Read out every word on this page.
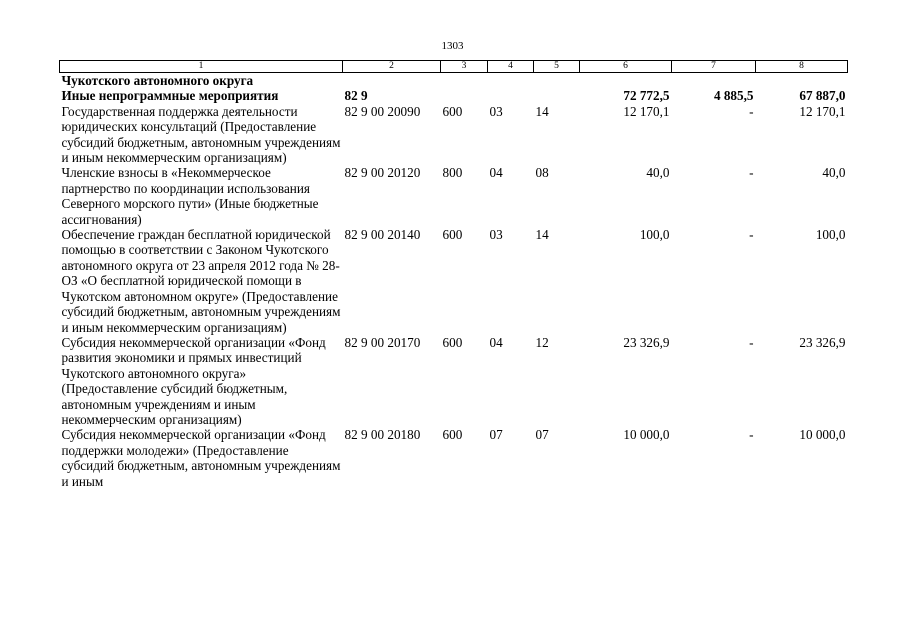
1303
1	2	3	4	5	6	7	8
Чукотского автономного округа							
Иные непрограммные мероприятия	82 9				72 772,5	4 885,5	67 887,0
Государственная поддержка деятельности юридических консультаций (Предоставление субсидий бюджетным, автономным учреждениям и иным некоммерческим организациям)	82 9 00 20090	600	03	14	12 170,1	-	12 170,1
Членские взносы в «Некоммерческое партнерство по координации использования Северного морского пути» (Иные бюджетные ассигнования)	82 9 00 20120	800	04	08	40,0	-	40,0
Обеспечение граждан бесплатной юридической помощью в соответствии с Законом Чукотского автономного округа от 23 апреля 2012 года № 28-ОЗ «О бесплатной юридической помощи в Чукотском автономном округе» (Предоставление субсидий бюджетным, автономным учреждениям и иным некоммерческим организациям)	82 9 00 20140	600	03	14	100,0	-	100,0
Субсидия некоммерческой организации «Фонд развития экономики и прямых инвестиций Чукотского автономного округа» (Предоставление субсидий бюджетным, автономным учреждениям и иным некоммерческим организациям)	82 9 00 20170	600	04	12	23 326,9	-	23 326,9
Субсидия некоммерческой организации «Фонд поддержки молодежи» (Предоставление субсидий бюджетным, автономным учреждениям и иным	82 9 00 20180	600	07	07	10 000,0	-	10 000,0
